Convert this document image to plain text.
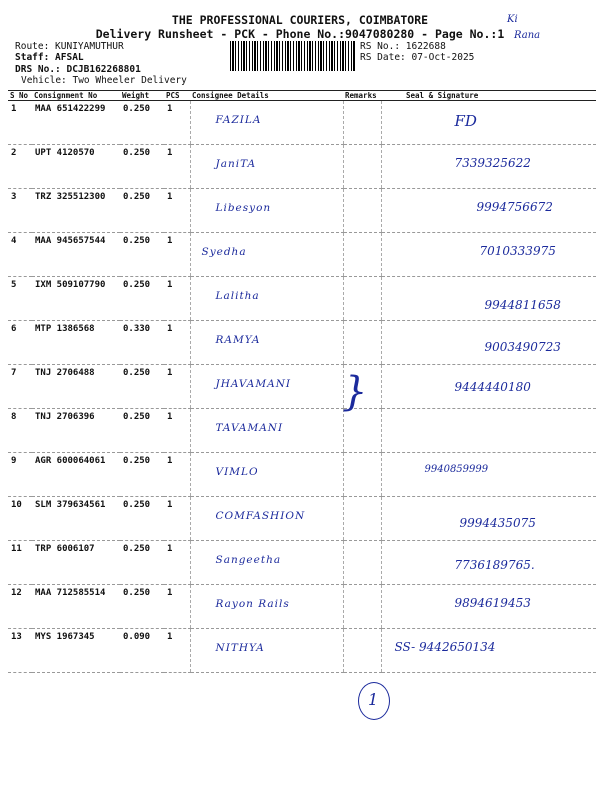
THE PROFESSIONAL COURIERS, COIMBATORE
Delivery Runsheet - PCK - Phone No.:9047080280 - Page No.:1
Ki
Rana
Route: KUNIYAMUTHUR
Staff: AFSAL
DRS No.: DCJB162268801
Vehicle: Two Wheeler Delivery
RS No.: 1622688
RS Date: 07-Oct-2025
S No	Consignment No	Weight	PCS	Consignee Details	Remarks	Seal & Signature
1	MAA 651422299	0.250	1	FAZILA		FD

2	UPT 4120570	0.250	1	JaniTA		7339325622

3	TRZ 325512300	0.250	1	Libesyon		9994756672

4	MAA 945657544	0.250	1	Syedha		7010333975

5	IXM 509107790	0.250	1	Lalitha		9944811658

6	MTP 1386568	0.330	1	RAMYA		9003490723

7	TNJ 2706488	0.250	1	JHAVAMANI		9444440180

8	TNJ 2706396	0.250	1	TAVAMANI		

9	AGR 600064061	0.250	1	VIMLO		9940859999

10	SLM 379634561	0.250	1	COMFASHION		9994435075

11	TRP 6006107	0.250	1	Sangeetha		7736189765.

12	MAA 712585514	0.250	1	Rayon Rails		9894619453

13	MYS 1967345	0.090	1	NITHYA		SS- 9442650134
}
1
